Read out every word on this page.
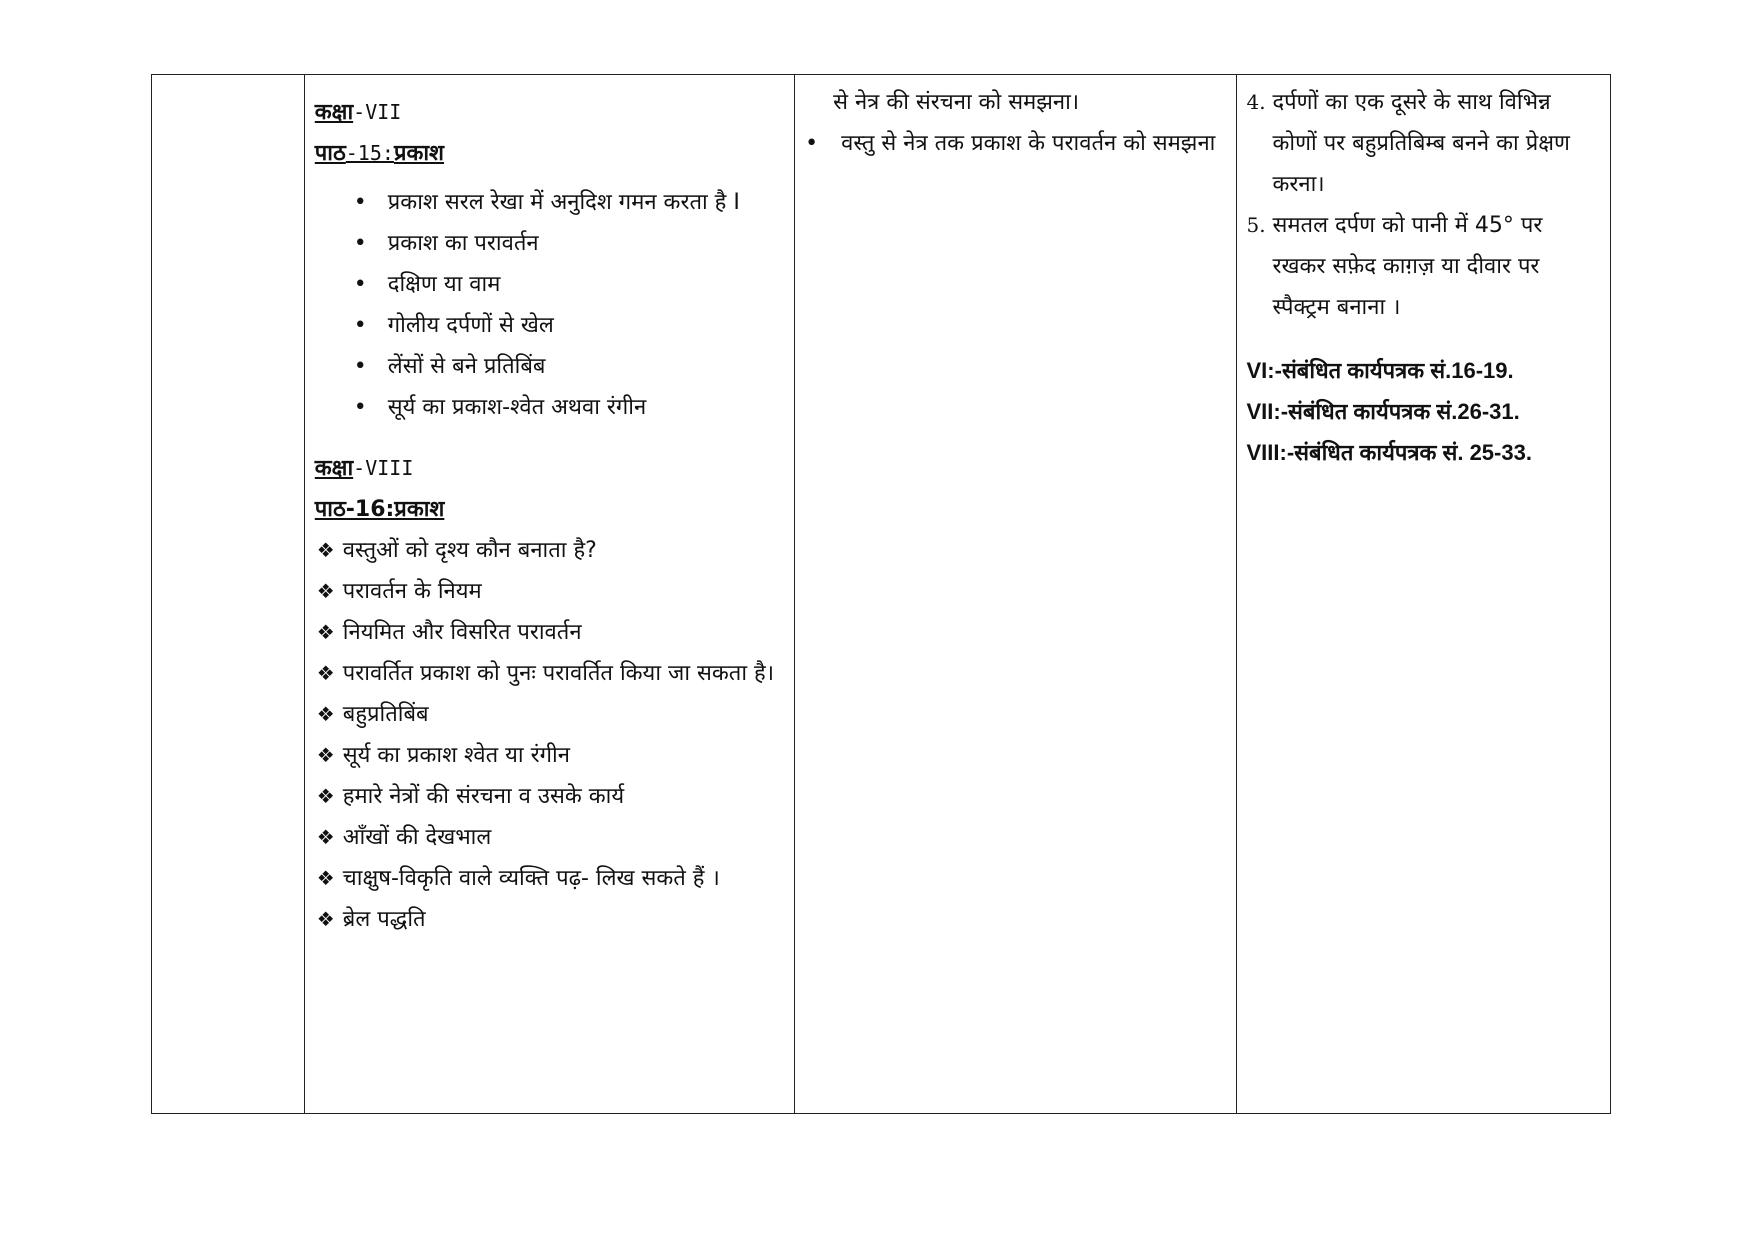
कक्षा-VII
पाठ-15:प्रकाश
• प्रकाश सरल रेखा में अनुदिश गमन करता है I
• प्रकाश का परावर्तन
• दक्षिण या वाम
• गोलीय दर्पणों से खेल
• लेंसों से बने प्रतिबिंब
• सूर्य का प्रकाश-श्वेत अथवा रंगीन
कक्षा-VIII
पाठ-16:प्रकाश
❖ वस्तुओं को दृश्य कौन बनाता है?
❖ परावर्तन के नियम
❖ नियमित और विसरित परावर्तन
❖ परावर्तित प्रकाश को पुनः परावर्तित किया जा सकता है।
❖ बहुप्रतिबिंब
❖ सूर्य का प्रकाश श्वेत या रंगीन
❖ हमारे नेत्रों की संरचना व उसके कार्य
❖ आँखों की देखभाल
❖ चाक्षुष-विकृति वाले व्यक्ति पढ़- लिख सकते हैं ।
❖ ब्रेल पद्धति
से नेत्र की संरचना को समझना।
• वस्तु से नेत्र तक प्रकाश के परावर्तन को समझना
4. दर्पणों का एक दूसरे के साथ विभिन्न कोणों पर बहुप्रतिबिम्ब बनने का प्रेक्षण करना।
5. समतल दर्पण को पानी में 45° पर रखकर सफ़ेद काग़ज़ या दीवार पर स्पैक्ट्रम बनाना ।
VI:-संबंधित कार्यपत्रक सं.16-19.
VII:-संबंधित कार्यपत्रक सं.26-31.
VIII:-संबंधित कार्यपत्रक सं. 25-33.
